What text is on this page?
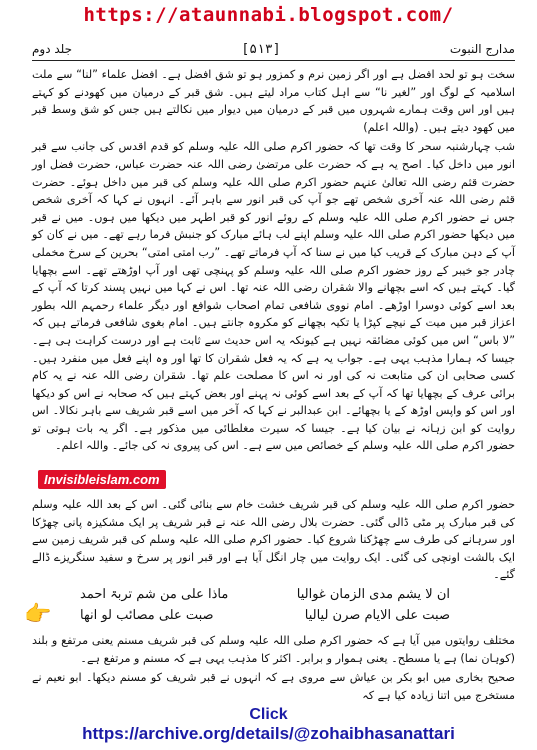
https://ataunnabi.blogspot.com/
مدارج النبوت
[۵۱۳]
جلد دوم

سخت ہو تو لحد افضل ہے اور اگر زمین نرم و کمزور ہو تو شق افضل ہے۔ افضل علماء ”لنا“ سے ملت اسلامیہ کے لوگ اور ”لغیر نا“ سے اہل کتاب مراد لیتے ہیں۔ شق قبر کے درمیان میں کھودنے کو کہتے ہیں اور اس وقت ہمارے شہروں میں قبر کے درمیان میں دیوار میں نکالتے ہیں جس کو شق وسط قبر میں کھود دیتے ہیں۔ (واللہ اعلم)

شب چہارشنبہ سحر کا وقت تھا کہ حضور اکرم صلی اللہ علیہ وسلم کو قدم اقدس کی جانب سے قبر انور میں داخل کیا۔ اصح یہ ہے کہ حضرت علی مرتضیٰ رضی اللہ عنہ حضرت عباس، حضرت فضل اور حضرت قثم رضی اللہ تعالیٰ عنہم حضور اکرم صلی اللہ علیہ وسلم کی قبر میں داخل ہوئے۔ حضرت قثم رضی اللہ عنہ آخری شخص تھے جو آپ کی قبر انور سے باہر آئے۔ انہوں نے کہا کہ آخری شخص جس نے حضور اکرم صلی اللہ علیہ وسلم کے روئے انور کو قبر اطہر میں دیکھا میں ہوں۔ میں نے قبر میں دیکھا حضور اکرم صلی اللہ علیہ وسلم اپنے لب ہائے مبارک کو جنبش فرما رہے تھے۔ میں نے کان کو آپ کے دہن مبارک کے قریب کیا میں نے سنا کہ آپ فرماتے تھے۔ ”رب امتی امتی“ بحرین کے سرخ مخملی چادر جو خیبر کے روز حضور اکرم صلی اللہ علیہ وسلم کو پہنچی تھی اور آپ اوڑھتے تھے۔ اسے بچھایا گیا۔ کہتے ہیں کہ اسے بچھانے والا شقران رضی اللہ عنہ تھا۔ اس نے کہا میں نہیں پسند کرتا کہ آپ کے بعد اسے کوئی دوسرا اوڑھے۔ امام نووی شافعی تمام اصحاب شوافع اور دیگر علماء رحمہم اللہ بطور اعزاز قبر میں میت کے نیچے کپڑا یا تکیہ بچھانے کو مکروہ جانتے ہیں۔ امام بغوی شافعی فرماتے ہیں کہ ”لا باس“ اس میں کوئی مضائقہ نہیں ہے کیونکہ یہ اس حدیث سے ثابت ہے اور درست کراہت ہی ہے۔ جیسا کہ ہمارا مذہب یہی ہے۔ جواب یہ ہے کہ یہ فعل شقران کا تھا اور وہ اپنے فعل میں منفرد ہیں۔ کسی صحابی ان کی متابعت نہ کی اور نہ اس کا مصلحت علم تھا۔ شقران رضی اللہ عنہ نے یہ کام برائی عرف کے بچھایا تھا کہ آپ کے بعد اسے کوئی نہ پہنے اور بعض کہتے ہیں کہ صحابہ نے اس کو دیکھا اور اس کو واپس اوڑھ کے یا بچھائے۔ ابن عبدالبر نے کہا کہ آخر میں اسے قبر شریف سے باہر نکالا۔ اس روایت کو ابن زہانہ نے بیان کیا ہے۔ جیسا کہ سیرت مغلطائی میں مذکور ہے۔ اگر یہ بات ہوتی تو حضور اکرم صلی اللہ علیہ وسلم کے خصائص میں سے ہے۔ اس کی پیروی نہ کی جائے۔ واللہ اعلم۔

Invisibleislam.com

حضور اکرم صلی اللہ علیہ وسلم کی قبر شریف خشت خام سے بنائی گئی۔ اس کے بعد اللہ علیہ وسلم کی قبر مبارک پر مٹی ڈالی گئی۔ حضرت بلال رضی اللہ عنہ نے قبر شریف پر ایک مشکیزہ پانی چھڑکا اور سرہانے کی طرف سے چھڑکنا شروع کیا۔ حضور اکرم صلی اللہ علیہ وسلم کی قبر شریف زمین سے ایک بالشت اونچی کی گئی۔ ایک روایت میں چار انگل آیا ہے اور قبر انور پر سرخ و سفید سنگریزے ڈالے گئے۔

ان لا یشم مدی الزمان غوالیا
ماذا علی من شم تربۃ احمد
صبت علی الایام صرن لیالیا
صبت علی مصائب لو انھا
👉

مختلف روایتوں میں آیا ہے کہ حضور اکرم صلی اللہ علیہ وسلم کی قبر شریف مسنم یعنی مرتفع و بلند (کوہان نما) ہے یا مسطح۔ یعنی ہموار و برابر۔ اکثر کا مذہب یہی ہے کہ مسنم و مرتفع ہے۔

صحیح بخاری میں ابو بکر بن عیاش سے مروی ہے کہ انہوں نے قبر شریف کو مسنم دیکھا۔ ابو نعیم نے مستخرج میں اتنا زیادہ کیا ہے کہ

Click
https://archive.org/details/@zohaibhasanattari
